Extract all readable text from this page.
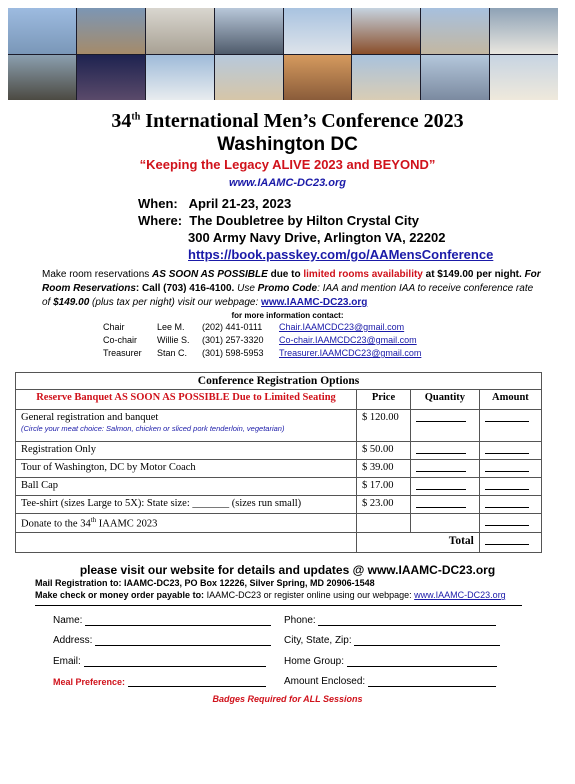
34th International Men’s Conference 2023
Washington DC
“Keeping the Legacy ALIVE 2023 and BEYOND”
www.IAAMC-DC23.org
When: April 21-23, 2023
Where: The Doubletree by Hilton Crystal City
300 Army Navy Drive, Arlington VA, 22202
https://book.passkey.com/go/AAMensConference
Make room reservations AS SOON AS POSSIBLE due to limited rooms availability at $149.00 per night. For Room Reservations: Call (703) 416-4100. Use Promo Code: IAA and mention IAA to receive conference rate of $149.00 (plus tax per night) visit our webpage: www.IAAMC-DC23.org
for more information contact:
Chair	Lee M. (202) 441-0111 Chair.IAAMCDC23@gmail.com
Co-chair Willie S. (301) 257-3320 Co-chair.IAAMCDC23@gmail.com
Treasurer Stan C. (301) 598-5953 Treasurer.IAAMCDC23@gmail.com
Conference Registration Options			
Reserve Banquet AS SOON AS POSSIBLE Due to Limited Seating	Price	Quantity	Amount
General registration and banquet
(Circle your meat choice: Salmon, chicken or sliced pork tenderloin, vegetarian)	$ 120.00		
Registration Only	$ 50.00		
Tour of Washington, DC by Motor Coach	$ 39.00		
Ball Cap	$ 17.00		
Tee-shirt (sizes Large to 5X): State size: _______ (sizes run small)	$ 23.00		
Donate to the 34th IAAMC 2023			
	Total		
please visit our website for details and updates @ www.IAAMC-DC23.org
Mail Registration to: IAAMC-DC23, PO Box 12226, Silver Spring, MD 20906-1548
Make check or money order payable to: IAAMC-DC23 or register online using our webpage: www.IAAMC-DC23.org
Name:	Phone:
Address:	City, State, Zip:
Email:	Home Group:
Meal Preference:	Amount Enclosed:
Badges Required for ALL Sessions
